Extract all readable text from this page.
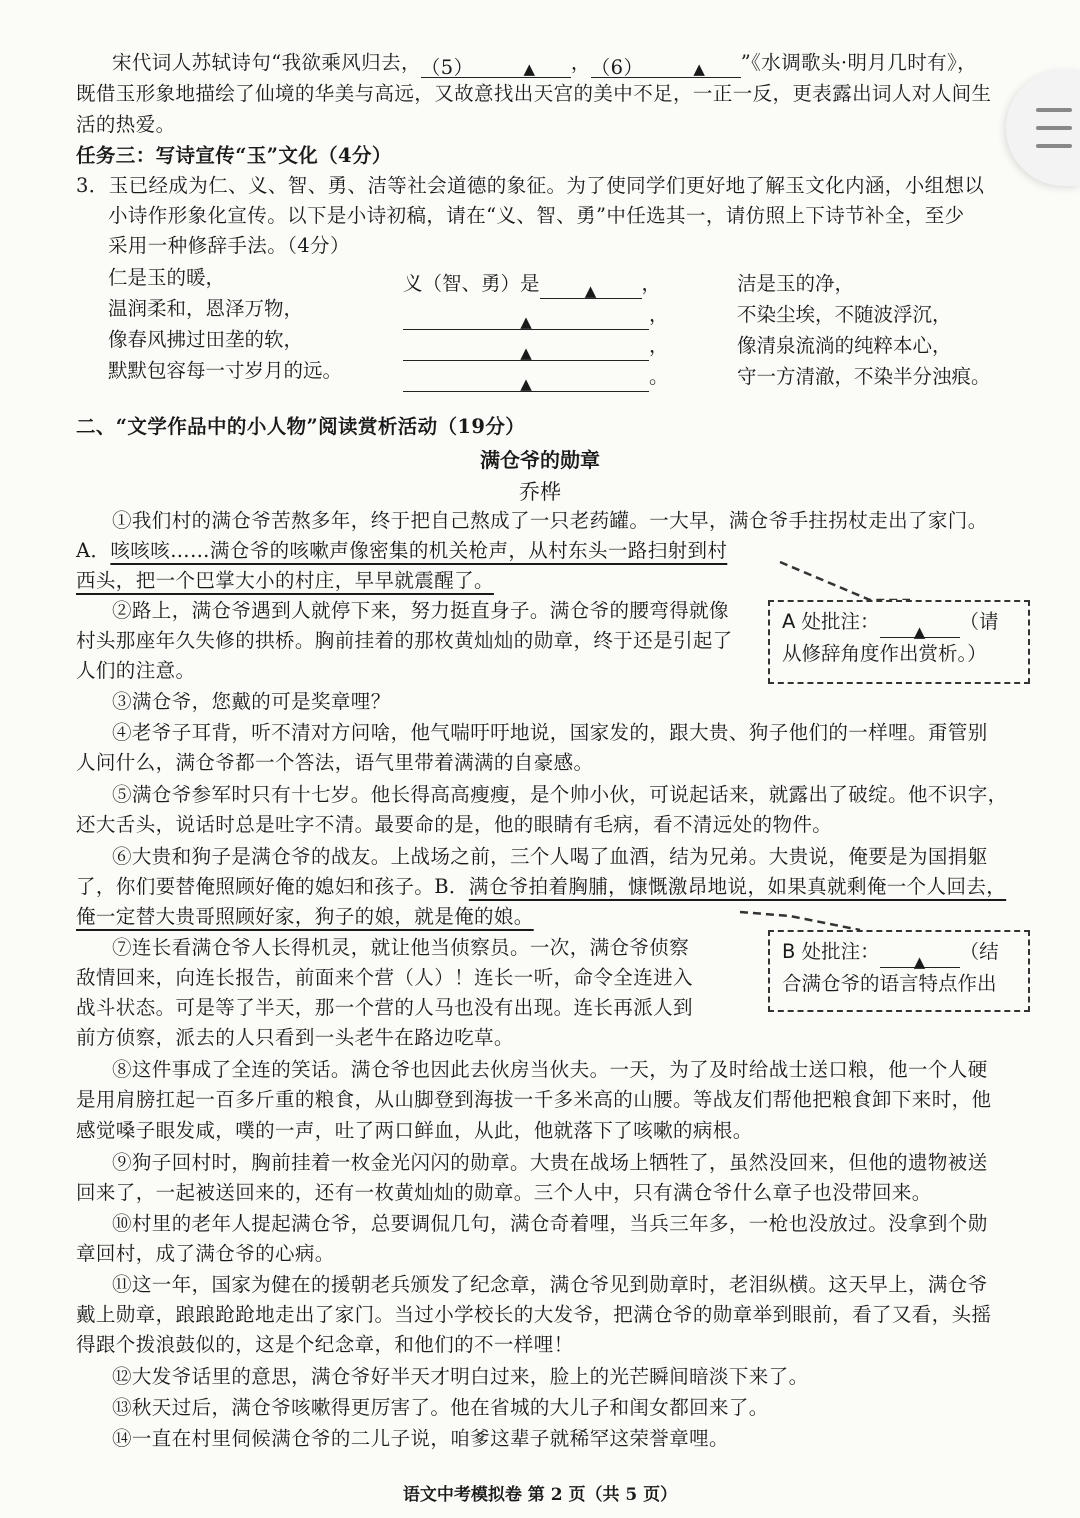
宋代词人苏轼诗句“我欲乘风归去，（5）	▲ ，（6）	▲ ”《水调歌头·明月几时有》，
既借玉形象地描绘了仙境的华美与高远，又故意找出天宫的美中不足，一正一反，更表露出词人对人间生
活的热爱。
任务三：写诗宣传“玉”文化（4分）
3．玉已经成为仁、义、智、勇、洁等社会道德的象征。为了使同学们更好地了解玉文化内涵，小组想以
小诗作形象化宣传。以下是小诗初稿，请在“义、智、勇”中任选其一，请仿照上下诗节补全，至少
采用一种修辞手法。（4分）
仁是玉的暖，
温润柔和，恩泽万物，
像春风拂过田垄的软，
默默包容每一寸岁月的远。
义（智、勇）是	▲ ，
▲	，
▲	，
▲	。
洁是玉的净，
不染尘埃，不随波浮沉，
像清泉流淌的纯粹本心，
守一方清澈，不染半分浊痕。
二、“文学作品中的小人物”阅读赏析活动（19分）
满仓爷的勋章
乔桦
①我们村的满仓爷苦熬多年，终于把自己熬成了一只老药罐。一大早，满仓爷手拄拐杖走出了家门。
A．咳咳咳……满仓爷的咳嗽声像密集的机关枪声，从村东头一路扫射到村
西头，把一个巴掌大小的村庄，早早就震醒了。
②路上，满仓爷遇到人就停下来，努力挺直身子。满仓爷的腰弯得就像
村头那座年久失修的拱桥。胸前挂着的那枚黄灿灿的勋章，终于还是引起了
人们的注意。
③满仓爷，您戴的可是奖章哩？
④老爷子耳背，听不清对方问啥，他气喘吁吁地说，国家发的，跟大贵、狗子他们的一样哩。甭管别
人问什么，满仓爷都一个答法，语气里带着满满的自豪感。
⑤满仓爷参军时只有十七岁。他长得高高瘦瘦，是个帅小伙，可说起话来，就露出了破绽。他不识字，
还大舌头，说话时总是吐字不清。最要命的是，他的眼睛有毛病，看不清远处的物件。
⑥大贵和狗子是满仓爷的战友。上战场之前，三个人喝了血酒，结为兄弟。大贵说，俺要是为国捐躯
了，你们要替俺照顾好俺的媳妇和孩子。B．满仓爷拍着胸脯，慷慨激昂地说，如果真就剩俺一个人回去，
俺一定替大贵哥照顾好家，狗子的娘，就是俺的娘。
⑦连长看满仓爷人长得机灵，就让他当侦察员。一次，满仓爷侦察
敌情回来，向连长报告，前面来个营（人）！连长一听，命令全连进入
战斗状态。可是等了半天，那一个营的人马也没有出现。连长再派人到
前方侦察，派去的人只看到一头老牛在路边吃草。
⑧这件事成了全连的笑话。满仓爷也因此去伙房当伙夫。一天，为了及时给战士送口粮，他一个人硬
是用肩膀扛起一百多斤重的粮食，从山脚登到海拔一千多米高的山腰。等战友们帮他把粮食卸下来时，他
感觉嗓子眼发咸，噗的一声，吐了两口鲜血，从此，他就落下了咳嗽的病根。
⑨狗子回村时，胸前挂着一枚金光闪闪的勋章。大贵在战场上牺牲了，虽然没回来，但他的遗物被送
回来了，一起被送回来的，还有一枚黄灿灿的勋章。三个人中，只有满仓爷什么章子也没带回来。
⑩村里的老年人提起满仓爷，总要调侃几句，满仓奇着哩，当兵三年多，一枪也没放过。没拿到个勋
章回村，成了满仓爷的心病。
⑪这一年，国家为健在的援朝老兵颁发了纪念章，满仓爷见到勋章时，老泪纵横。这天早上，满仓爷
戴上勋章，踉踉跄跄地走出了家门。当过小学校长的大发爷，把满仓爷的勋章举到眼前，看了又看，头摇
得跟个拨浪鼓似的，这是个纪念章，和他们的不一样哩！
⑫大发爷话里的意思，满仓爷好半天才明白过来，脸上的光芒瞬间暗淡下来了。
⑬秋天过后，满仓爷咳嗽得更厉害了。他在省城的大儿子和闺女都回来了。
⑭一直在村里伺候满仓爷的二儿子说，咱爹这辈子就稀罕这荣誉章哩。
A 处批注： ▲ （请
从修辞角度作出赏析。）
B 处批注： ▲ （结
合满仓爷的语言特点作出
语文中考模拟卷 第 2 页（共 5 页）
